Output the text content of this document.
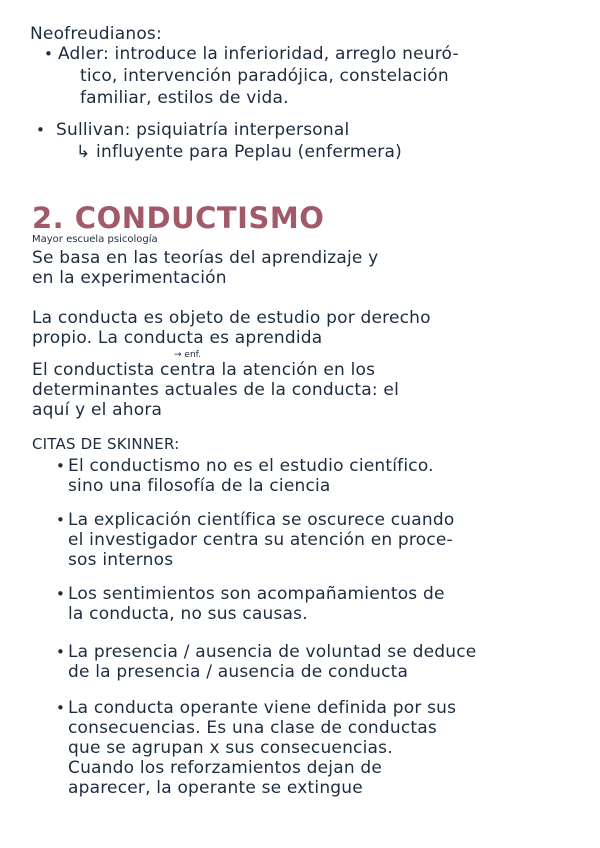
Neofreudianos:
• Adler: introduce la inferioridad, arreglo neuró-
tico, intervención paradójica, constelación
familiar, estilos de vida.
• Sullivan: psiquiatría interpersonal
↳ influyente para Peplau (enfermera)
2. CONDUCTISMO
Mayor escuela psicología
Se basa en las teorías del aprendizaje y
en la experimentación
La conducta es objeto de estudio por derecho
propio. La conducta es aprendida
→ enf.
El conductista centra la atención en los
determinantes actuales de la conducta: el
aquí y el ahora
CITAS DE SKINNER:
• El conductismo no es el estudio científico.
sino una filosofía de la ciencia
• La explicación científica se oscurece cuando
el investigador centra su atención en proce-
sos internos
• Los sentimientos son acompañamientos de
la conducta, no sus causas.
• La presencia / ausencia de voluntad se deduce
de la presencia / ausencia de conducta
• La conducta operante viene definida por sus
consecuencias. Es una clase de conductas
que se agrupan x sus consecuencias.
Cuando los reforzamientos dejan de
aparecer, la operante se extingue
